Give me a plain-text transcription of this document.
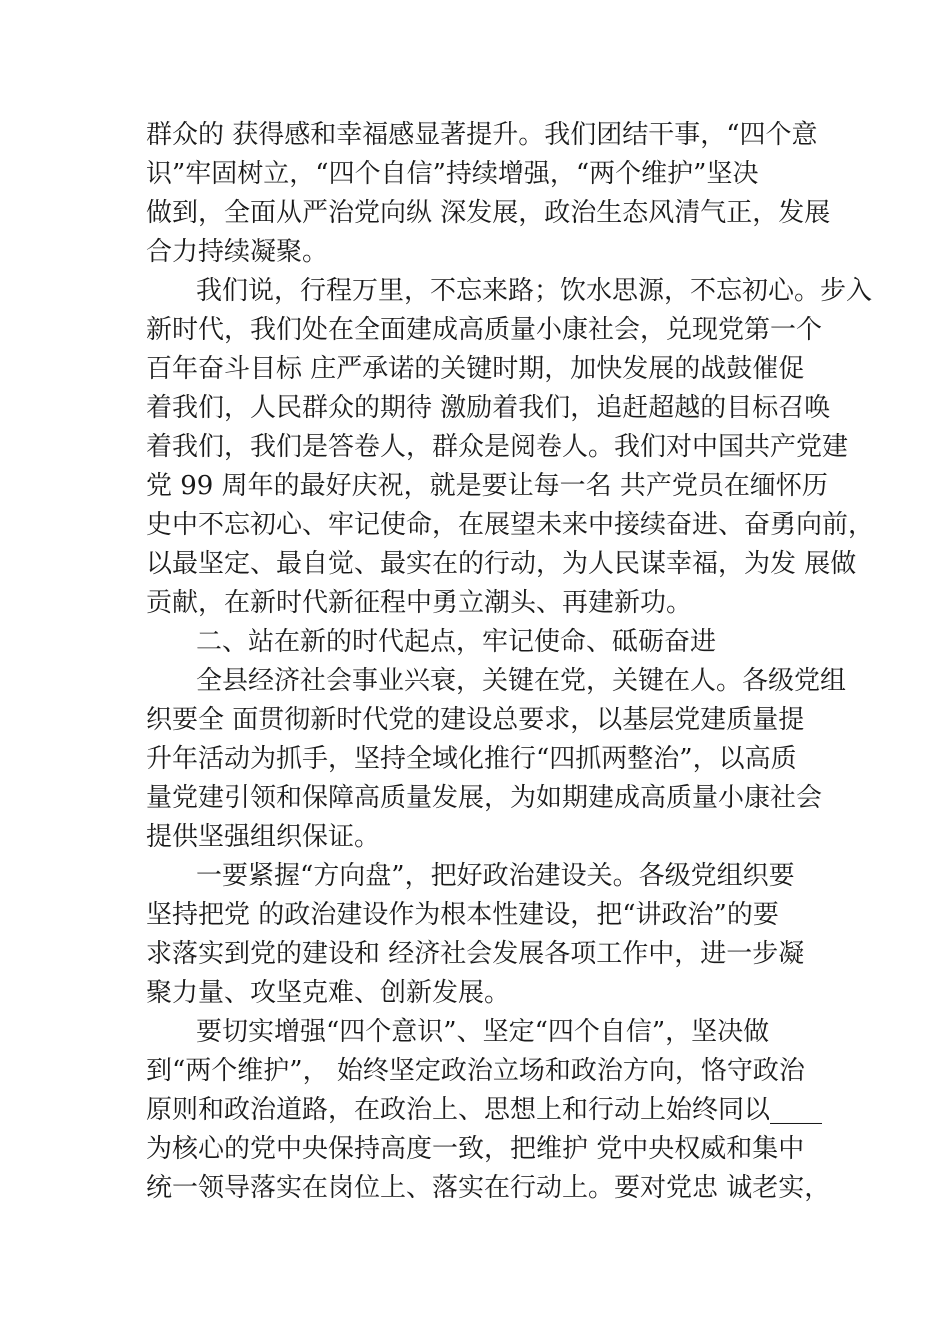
群众的 获得感和幸福感显著提升。我们团结干事，“四个意
识”牢固树立，“四个自信”持续增强，“两个维护”坚决
做到，全面从严治党向纵 深发展，政治生态风清气正，发展
合力持续凝聚。
我们说，行程万里，不忘来路；饮水思源，不忘初心。步入
新时代，我们处在全面建成高质量小康社会，兑现党第一个
百年奋斗目标 庄严承诺的关键时期，加快发展的战鼓催促
着我们，人民群众的期待 激励着我们，追赶超越的目标召唤
着我们，我们是答卷人，群众是阅卷人。我们对中国共产党建
党 99 周年的最好庆祝，就是要让每一名 共产党员在缅怀历
史中不忘初心、牢记使命，在展望未来中接续奋进、奋勇向前，
以最坚定、最自觉、最实在的行动，为人民谋幸福，为发 展做
贡献，在新时代新征程中勇立潮头、再建新功。
二、站在新的时代起点，牢记使命、砥砺奋进
全县经济社会事业兴衰，关键在党，关键在人。各级党组
织要全 面贯彻新时代党的建设总要求，以基层党建质量提
升年活动为抓手，坚持全域化推行“四抓两整治”，以高质
量党建引领和保障高质量发展，为如期建成高质量小康社会
提供坚强组织保证。
一要紧握“方向盘”，把好政治建设关。各级党组织要
坚持把党 的政治建设作为根本性建设，把“讲政治”的要
求落实到党的建设和 经济社会发展各项工作中，进一步凝
聚力量、攻坚克难、创新发展。
要切实增强“四个意识”、坚定“四个自信”，坚决做
到“两个维护”， 始终坚定政治立场和政治方向，恪守政治
原则和政治道路，在政治上、思想上和行动上始终同以____
为核心的党中央保持高度一致，把维护 党中央权威和集中
统一领导落实在岗位上、落实在行动上。要对党忠 诚老实，
